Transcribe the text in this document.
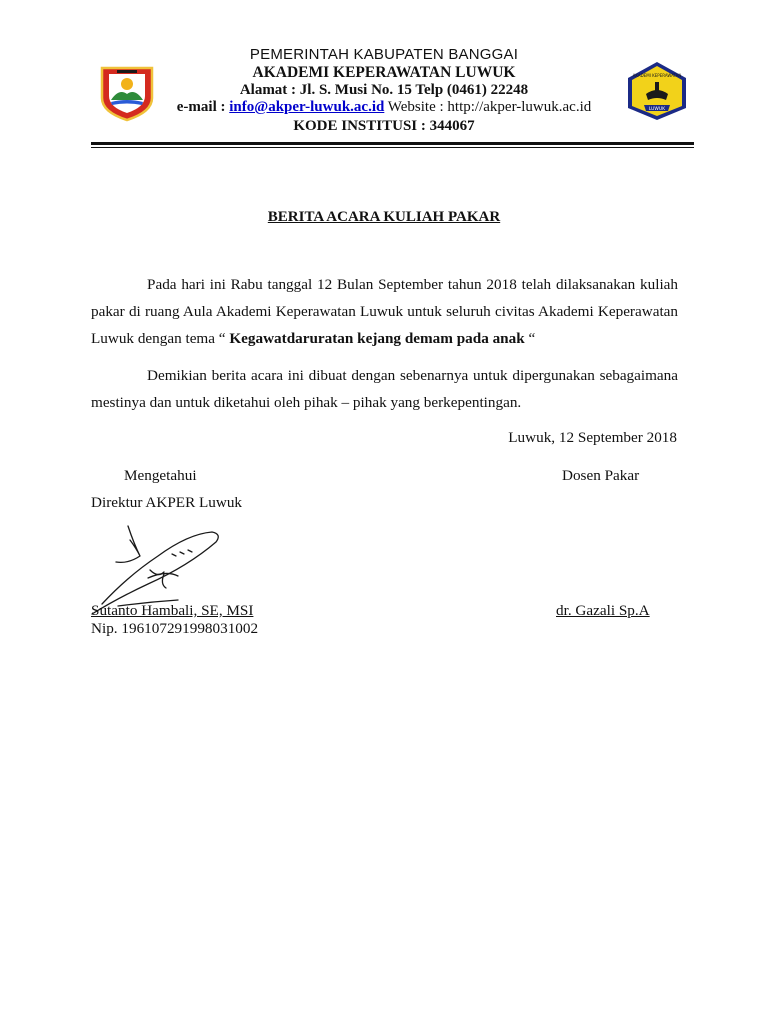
AKADEMI KEPERAWATAN
LUWUK
PEMERINTAH KABUPATEN BANGGAI
AKADEMI KEPERAWATAN LUWUK
Alamat : Jl. S. Musi No. 15 Telp (0461) 22248
e-mail : info@akper-luwuk.ac.id Website : http://akper-luwuk.ac.id
KODE INSTITUSI : 344067
BERITA ACARA KULIAH PAKAR
Pada hari ini Rabu tanggal 12 Bulan September tahun 2018 telah dilaksanakan kuliah pakar di ruang Aula Akademi Keperawatan Luwuk untuk seluruh civitas Akademi Keperawatan Luwuk dengan tema “ Kegawatdaruratan kejang demam pada anak “
Demikian berita acara ini dibuat dengan sebenarnya untuk dipergunakan sebagaimana mestinya dan untuk diketahui oleh pihak – pihak yang berkepentingan.
Luwuk, 12 September 2018
Mengetahui	Dosen Pakar
Direktur AKPER Luwuk
Sutanto Hambali, SE, MSI	dr. Gazali Sp.A
Nip. 196107291998031002
